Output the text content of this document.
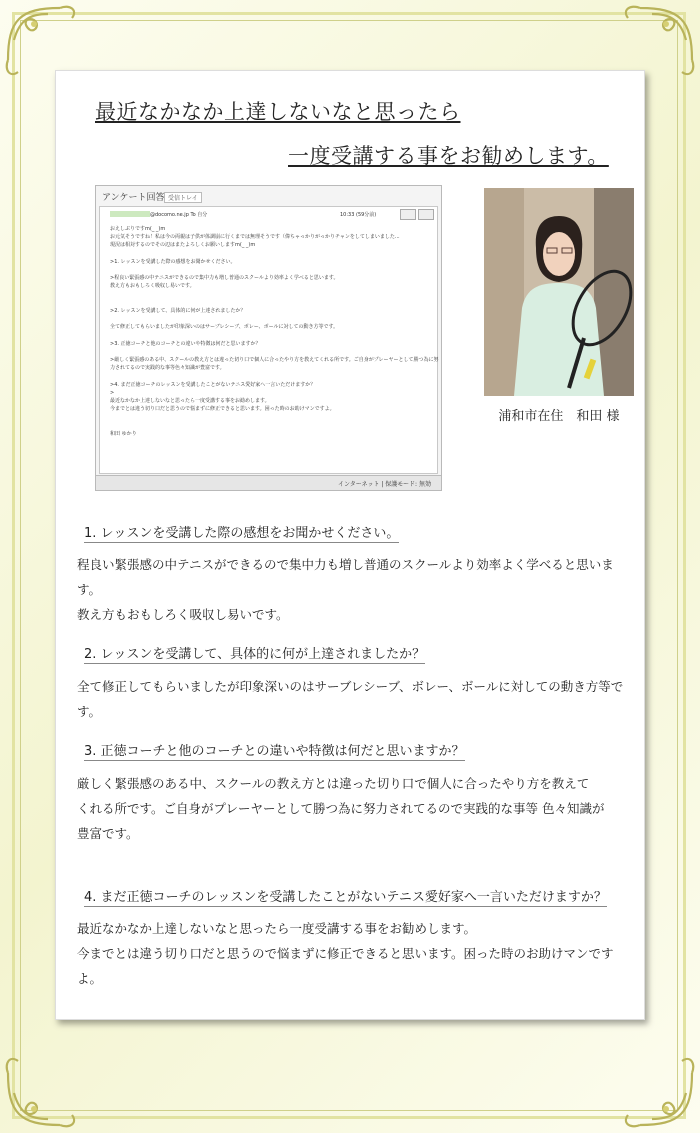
最近なかなか上達しないなと思ったら
一度受講する事をお勧めします。
アンケート回答 受信トレイ
@docomo.ne.jp To 自分	10:33 (59分前)
おえしぶりですm(_ _)m
お元気そうですね！私は今の両親は子供が体調崩に行くまでは無理そうです（偉ちゃっかりがっかりチャンをしてしまいました...
現況は相対するのでその辺はまたよろしくお願いしますm(_ _)m

>1. レッスンを受講した際の感想をお聞かせください。

>程良い緊張感の中テニスができるので集中力も増し普通のスクールより効率よく学べると思います。
教え方もおもしろく吸収し易いです。

>2. レッスンを受講して、具体的に何が上達されましたか？

全て修正してもらいましたが印象深いのはサーブレシーブ、ボレー、ボールに対しての動き方等です。

>3. 正徳コーチと他のコーチとの違いや特徴は何だと思いますか？

>厳しく緊張感のある中、スクールの教え方とは違った切り口で個人に合ったやり方を教えてくれる所です。ご自身がプレーヤーとして勝つ為に努
力されてるので実践的な事等色々知識が豊富です。

>4. まだ正徳コーチのレッスンを受講したことがないテニス愛好家へ一言いただけますか？
>
最近なかなか上達しないなと思ったら一度受講する事をお勧めします。
今までとは違う切り口だと思うので悩まずに修正できると思います。困った時のお助けマンですよ。

和田 ゆかり
インターネット | 保護モード: 無効
浦和市在住　和田 様
1. レッスンを受講した際の感想をお聞かせください。
程良い緊張感の中テニスができるので集中力も増し普通のスクールより効率よく学べると思います。
教え方もおもしろく吸収し易いです。
2. レッスンを受講して、具体的に何が上達されましたか？
全て修正してもらいましたが印象深いのはサーブレシーブ、ボレー、ボールに対しての動き方等です。
3. 正徳コーチと他のコーチとの違いや特徴は何だと思いますか？
厳しく緊張感のある中、スクールの教え方とは違った切り口で個人に合ったやり方を教えて
くれる所です。ご自身がプレーヤーとして勝つ為に努力されてるので実践的な事等 色々知識が
豊富です。
4. まだ正徳コーチのレッスンを受講したことがないテニス愛好家へ一言いただけますか？
最近なかなか上達しないなと思ったら一度受講する事をお勧めします。
今までとは違う切り口だと思うので悩まずに修正できると思います。困った時のお助けマンですよ。
